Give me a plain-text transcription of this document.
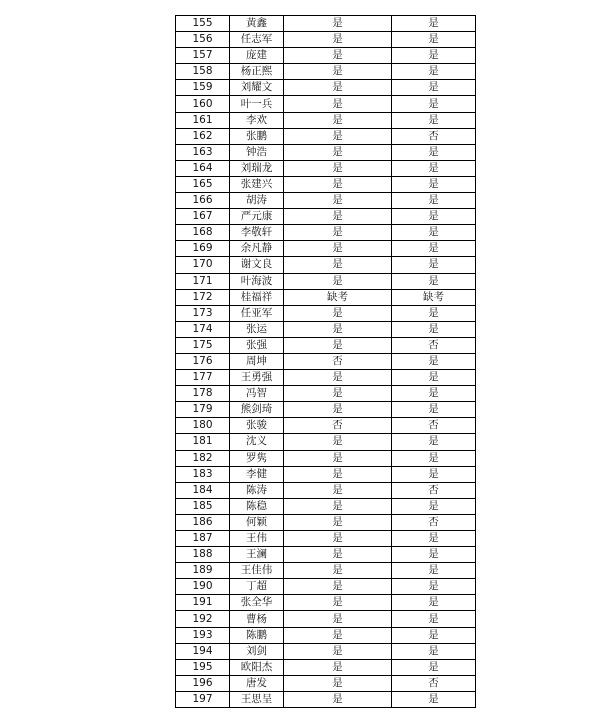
155	黄鑫	是	是
156	任志军	是	是
157	庞建	是	是
158	杨正熙	是	是
159	刘耀文	是	是
160	叶一兵	是	是
161	李欢	是	是
162	张鹏	是	否
163	钟浩	是	是
164	刘瑞龙	是	是
165	张建兴	是	是
166	胡涛	是	是
167	严元康	是	是
168	李敬轩	是	是
169	余凡静	是	是
170	谢文良	是	是
171	叶海波	是	是
172	桂福祥	缺考	缺考
173	任亚军	是	是
174	张运	是	是
175	张强	是	否
176	周坤	否	是
177	王勇强	是	是
178	冯智	是	是
179	熊剑琦	是	是
180	张骏	否	否
181	沈义	是	是
182	罗隽	是	是
183	李健	是	是
184	陈涛	是	否
185	陈稳	是	是
186	何颖	是	否
187	王伟	是	是
188	王澜	是	是
189	王佳伟	是	是
190	丁超	是	是
191	张全华	是	是
192	曹杨	是	是
193	陈鹏	是	是
194	刘剑	是	是
195	欧阳杰	是	是
196	唐发	是	否
197	王思呈	是	是
